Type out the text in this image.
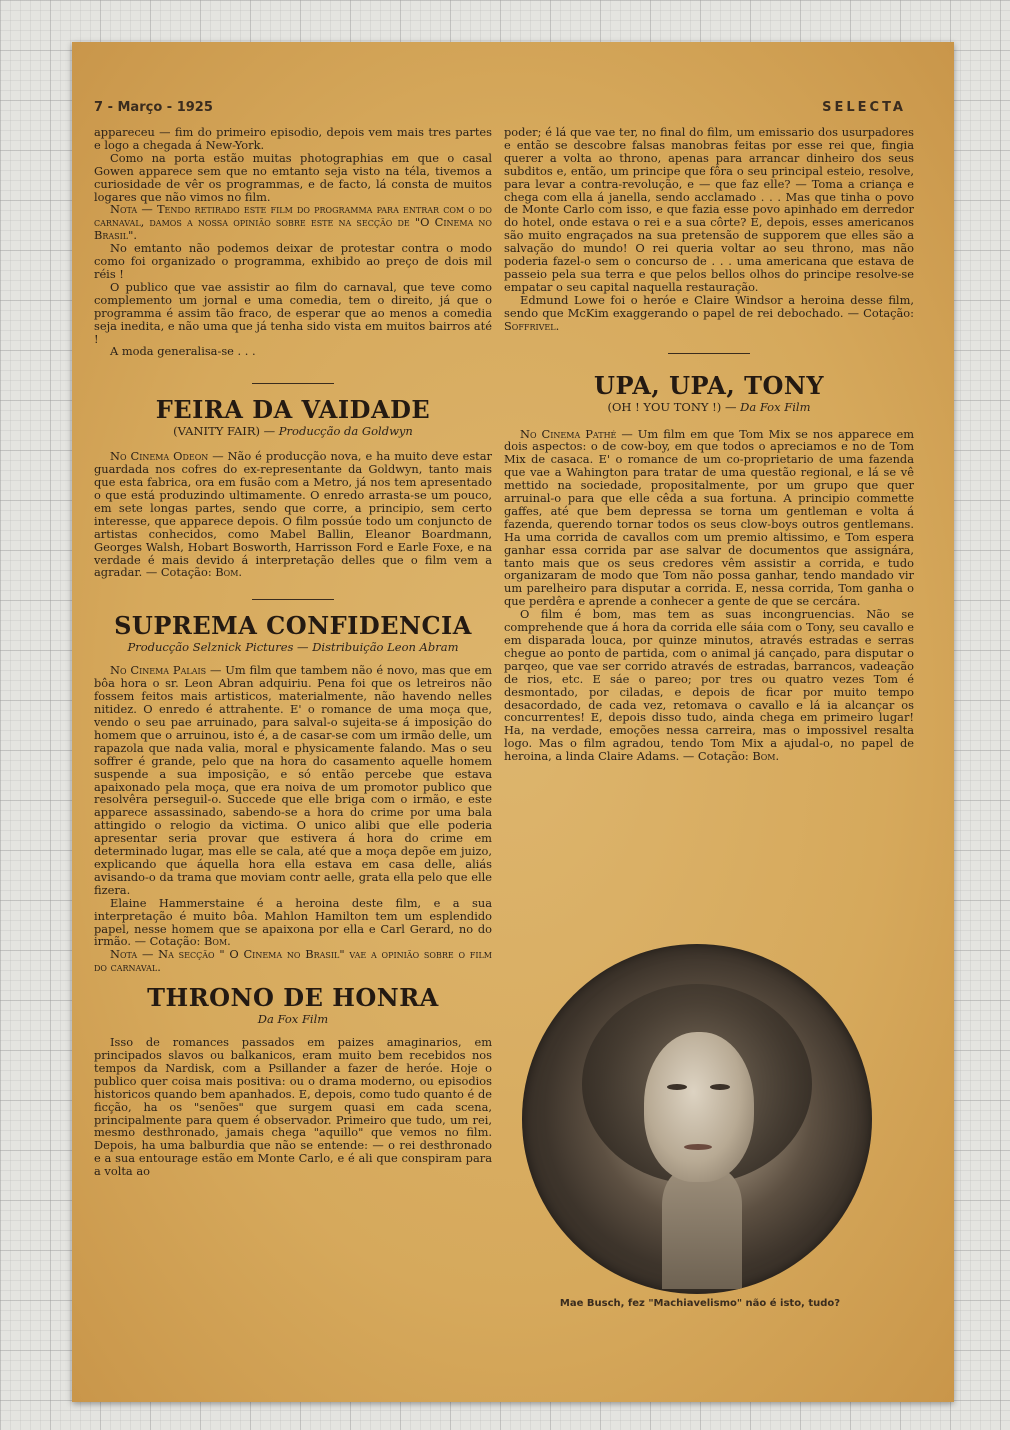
7 - Março - 1925	SELECTA

appareceu — fim do primeiro episodio, depois vem mais tres partes e logo a chegada á New-York.

Como na porta estão muitas photographias em que o casal Gowen apparece sem que no emtanto seja visto na téla, tivemos a curiosidade de vêr os programmas, e de facto, lá consta de muitos logares que não vimos no film.

Nota — Tendo retirado este film do programma para entrar com o do carnaval, damos a nossa opinião sobre este na secção de "O Cinema no Brasil".

No emtanto não podemos deixar de protestar contra o modo como foi organizado o programma, exhibido ao preço de dois mil réis !

O publico que vae assistir ao film do carnaval, que teve como complemento um jornal e uma comedia, tem o direito, já que o programma é assim tão fraco, de esperar que ao menos a comedia seja inedita, e não uma que já tenha sido vista em muitos bairros até !

A moda generalisa-se . . .

FEIRA DA VAIDADE
(VANITY FAIR) — Producção da Goldwyn

No Cinema Odeon — Não é producção nova, e ha muito deve estar guardada nos cofres do ex-representante da Goldwyn, tanto mais que esta fabrica, ora em fusão com a Metro, já nos tem apresentado o que está produzindo ultimamente. O enredo arrasta-se um pouco, em sete longas partes, sendo que corre, a principio, sem certo interesse, que apparece depois. O film possúe todo um conjuncto de artistas conhecidos, como Mabel Ballin, Eleanor Boardmann, Georges Walsh, Hobart Bosworth, Harrisson Ford e Earle Foxe, e na verdade é mais devido á interpretação delles que o film vem a agradar. — Cotação: Bom.

SUPREMA CONFIDENCIA
Producção Selznick Pictures — Distribuição Leon Abram

No Cinema Palais — Um film que tambem não é novo, mas que em bôa hora o sr. Leon Abran adquiriu. Pena foi que os letreiros não fossem feitos mais artisticos, materialmente, não havendo nelles nitidez. O enredo é attrahente. E' o romance de uma moça que, vendo o seu pae arruinado, para salval-o sujeita-se á imposição do homem que o arruinou, isto é, a de casar-se com um irmão delle, um rapazola que nada valia, moral e physicamente falando. Mas o seu soffrer é grande, pelo que na hora do casamento aquelle homem suspende a sua imposição, e só então percebe que estava apaixonado pela moça, que era noiva de um promotor publico que resolvêra perseguil-o. Succede que elle briga com o irmão, e este apparece assassinado, sabendo-se a hora do crime por uma bala attingido o relogio da victima. O unico alibi que elle poderia apresentar seria provar que estivera á hora do crime em determinado lugar, mas elle se cala, até que a moça depõe em juizo, explicando que áquella hora ella estava em casa delle, aliás avisando-o da trama que moviam contr aelle, grata ella pelo que elle fizera.

Elaine Hammerstaine é a heroina deste film, e a sua interpretação é muito bôa. Mahlon Hamilton tem um esplendido papel, nesse homem que se apaixona por ella e Carl Gerard, no do irmão. — Cotação: Bom.

Nota — Na secção " O Cinema no Brasil" vae a opinião sobre o film do carnaval.

THRONO DE HONRA
Da Fox Film

Isso de romances passados em paizes amaginarios, em principados slavos ou balkanicos, eram muito bem recebidos nos tempos da Nardisk, com a Psillander a fazer de heróe. Hoje o publico quer coisa mais positiva: ou o drama moderno, ou episodios historicos quando bem apanhados. E, depois, como tudo quanto é de ficção, ha os "senões" que surgem quasi em cada scena, principalmente para quem é observador. Primeiro que tudo, um rei, mesmo desthronado, jamais chega "aquillo" que vemos no film. Depois, ha uma balburdia que não se entende: — o rei desthronado e a sua entourage estão em Monte Carlo, e é ali que conspiram para a volta ao

poder; é lá que vae ter, no final do film, um emissario dos usurpadores e então se descobre falsas manobras feitas por esse rei que, fingia querer a volta ao throno, apenas para arrancar dinheiro dos seus subditos e, então, um principe que fôra o seu principal esteio, resolve, para levar a contra-revolução, e — que faz elle? — Toma a criança e chega com ella á janella, sendo acclamado . . . Mas que tinha o povo de Monte Carlo com isso, e que fazia esse povo apinhado em derredor do hotel, onde estava o rei e a sua côrte? E, depois, esses americanos são muito engraçados na sua pretensão de supporem que elles são a salvação do mundo! O rei queria voltar ao seu throno, mas não poderia fazel-o sem o concurso de . . . uma americana que estava de passeio pela sua terra e que pelos bellos olhos do principe resolve-se empatar o seu capital naquella restauração.

Edmund Lowe foi o heróe e Claire Windsor a heroina desse film, sendo que McKim exaggerando o papel de rei debochado. — Cotação: Soffrivel.

UPA, UPA, TONY
(OH ! YOU TONY !) — Da Fox Film

No Cinema Pathé — Um film em que Tom Mix se nos apparece em dois aspectos: o de cow-boy, em que todos o apreciamos e no de Tom Mix de casaca. E' o romance de um co-proprietario de uma fazenda que vae a Wahington para tratar de uma questão regional, e lá se vê mettido na sociedade, propositalmente, por um grupo que quer arruinal-o para que elle cêda a sua fortuna. A principio commette gaffes, até que bem depressa se torna um gentleman e volta á fazenda, querendo tornar todos os seus clow-boys outros gentlemans. Ha uma corrida de cavallos com um premio altissimo, e Tom espera ganhar essa corrida par ase salvar de documentos que assignára, tanto mais que os seus credores vêm assistir a corrida, e tudo organizaram de modo que Tom não possa ganhar, tendo mandado vir um parelheiro para disputar a corrida. E, nessa corrida, Tom ganha o que perdêra e aprende a conhecer a gente de que se cercára.

O film é bom, mas tem as suas incongruencias. Não se comprehende que á hora da corrida elle sáia com o Tony, seu cavallo e em disparada louca, por quinze minutos, através estradas e serras chegue ao ponto de partida, com o animal já cançado, para disputar o parqeo, que vae ser corrido através de estradas, barrancos, vadeação de rios, etc. E sáe o pareo; por tres ou quatro vezes Tom é desmontado, por ciladas, e depois de ficar por muito tempo desacordado, de cada vez, retomava o cavallo e lá ia alcançar os concurrentes! E, depois disso tudo, ainda chega em primeiro lugar! Ha, na verdade, emoções nessa carreira, mas o impossivel resalta logo. Mas o film agradou, tendo Tom Mix a ajudal-o, no papel de heroina, a linda Claire Adams. — Cotação: Bom.

Mae Busch, fez "Machiavelismo" não é isto, tudo?
